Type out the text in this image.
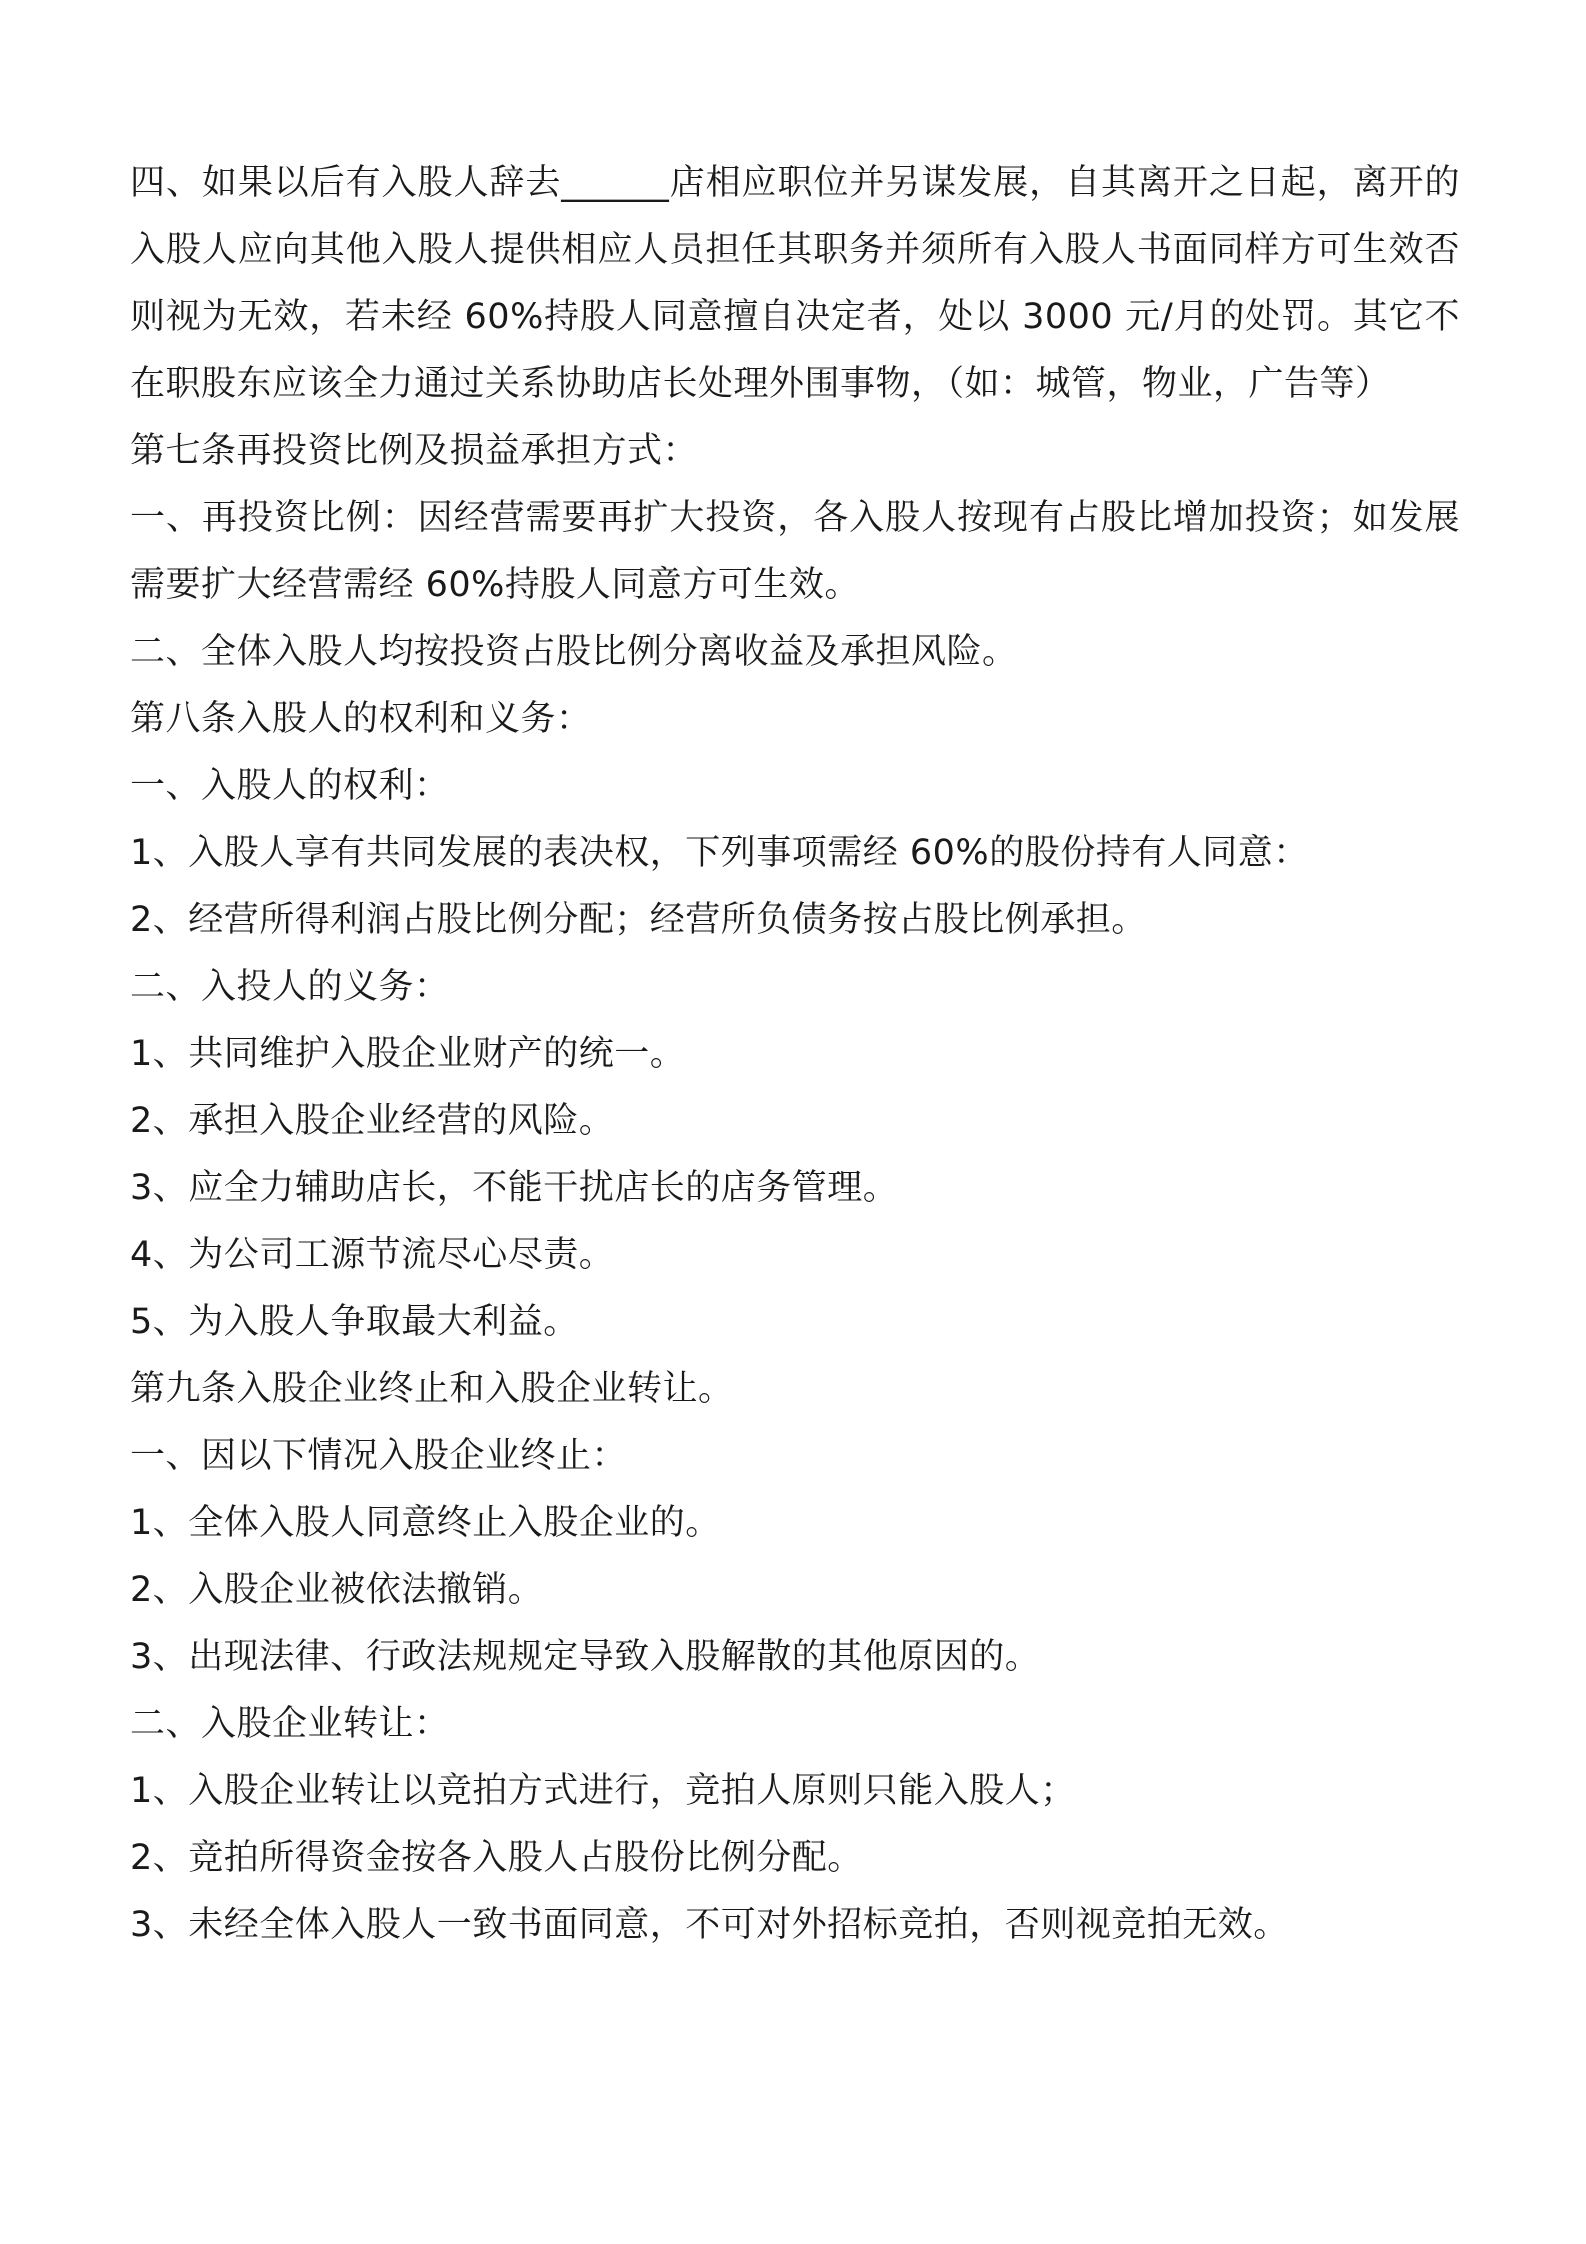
四、如果以后有入股人辞去______店相应职位并另谋发展，自其离开之日起，离开的入股人应向其他入股人提供相应人员担任其职务并须所有入股人书面同样方可生效否则视为无效，若未经 60%持股人同意擅自决定者，处以 3000 元/月的处罚。其它不在职股东应该全力通过关系协助店长处理外围事物，（如：城管，物业，广告等）

第七条再投资比例及损益承担方式：

一、再投资比例：因经营需要再扩大投资，各入股人按现有占股比增加投资；如发展需要扩大经营需经 60%持股人同意方可生效。

二、全体入股人均按投资占股比例分离收益及承担风险。

第八条入股人的权利和义务：

一、入股人的权利：

1、入股人享有共同发展的表决权，下列事项需经 60%的股份持有人同意：

2、经营所得利润占股比例分配；经营所负债务按占股比例承担。

二、入投人的义务：

1、共同维护入股企业财产的统一。

2、承担入股企业经营的风险。

3、应全力辅助店长，不能干扰店长的店务管理。

4、为公司工源节流尽心尽责。

5、为入股人争取最大利益。

第九条入股企业终止和入股企业转让。

一、因以下情况入股企业终止：

1、全体入股人同意终止入股企业的。

2、入股企业被依法撤销。

3、出现法律、行政法规规定导致入股解散的其他原因的。

二、入股企业转让：

1、入股企业转让以竞拍方式进行，竞拍人原则只能入股人；

2、竞拍所得资金按各入股人占股份比例分配。

3、未经全体入股人一致书面同意，不可对外招标竞拍，否则视竞拍无效。
